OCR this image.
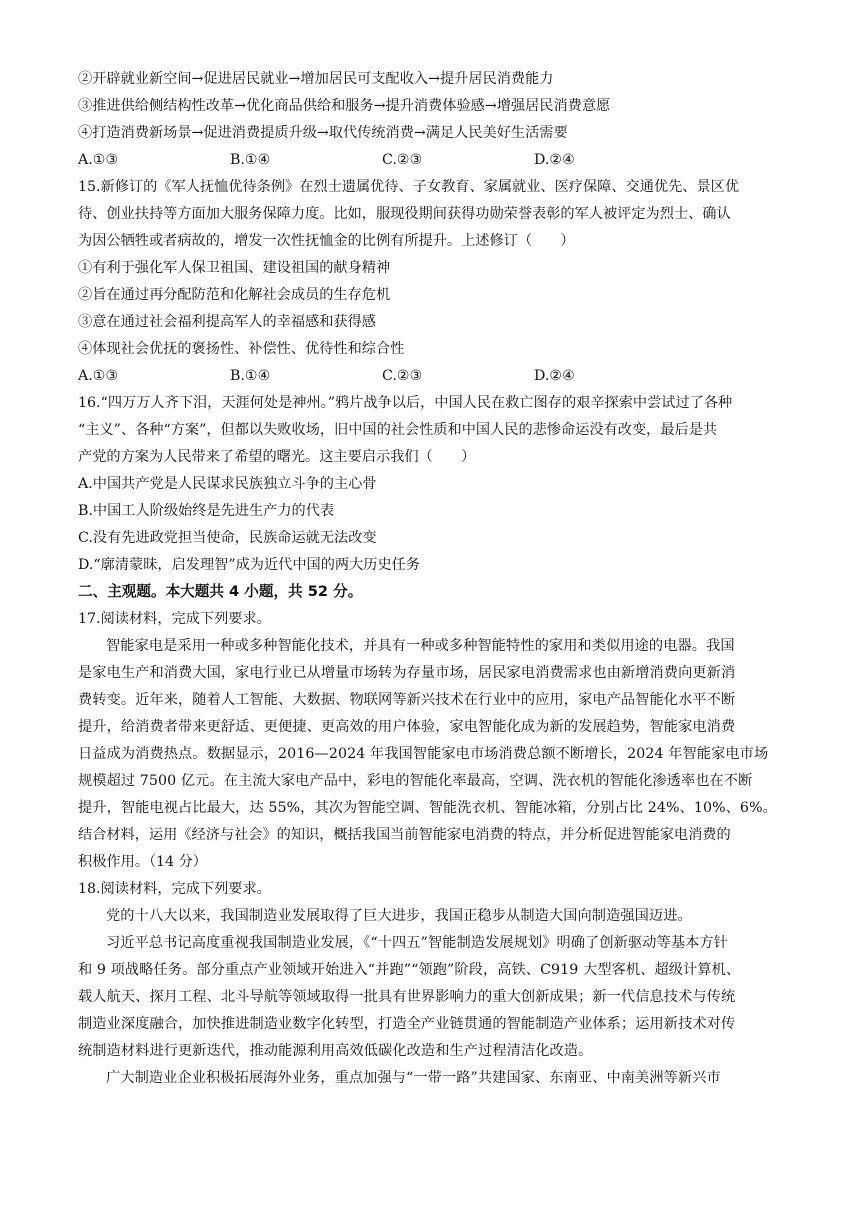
②开辟就业新空间→促进居民就业→增加居民可支配收入→提升居民消费能力
③推进供给侧结构性改革→优化商品供给和服务→提升消费体验感→增强居民消费意愿
④打造消费新场景→促进消费提质升级→取代传统消费→满足人民美好生活需要
A.①③	B.①④	C.②③	D.②④
15.新修订的《军人抚恤优待条例》在烈士遗属优待、子女教育、家属就业、医疗保障、交通优先、景区优
待、创业扶持等方面加大服务保障力度。比如，服现役期间获得功勋荣誉表彰的军人被评定为烈士、确认
为因公牺牲或者病故的，增发一次性抚恤金的比例有所提升。上述修订（　　）
①有利于强化军人保卫祖国、建设祖国的献身精神
②旨在通过再分配防范和化解社会成员的生存危机
③意在通过社会福利提高军人的幸福感和获得感
④体现社会优抚的褒扬性、补偿性、优待性和综合性
A.①③	B.①④	C.②③	D.②④
16.“四万万人齐下泪，天涯何处是神州。”鸦片战争以后，中国人民在救亡图存的艰辛探索中尝试过了各种
“主义”、各种“方案”，但都以失败收场，旧中国的社会性质和中国人民的悲惨命运没有改变，最后是共
产党的方案为人民带来了希望的曙光。这主要启示我们（　　）
A.中国共产党是人民谋求民族独立斗争的主心骨
B.中国工人阶级始终是先进生产力的代表
C.没有先进政党担当使命，民族命运就无法改变
D.“廓清蒙昧，启发理智”成为近代中国的两大历史任务
二、主观题。本大题共 4 小题，共 52 分。
17.阅读材料，完成下列要求。
智能家电是采用一种或多种智能化技术，并具有一种或多种智能特性的家用和类似用途的电器。我国
是家电生产和消费大国，家电行业已从增量市场转为存量市场，居民家电消费需求也由新增消费向更新消
费转变。近年来，随着人工智能、大数据、物联网等新兴技术在行业中的应用，家电产品智能化水平不断
提升，给消费者带来更舒适、更便捷、更高效的用户体验，家电智能化成为新的发展趋势，智能家电消费
日益成为消费热点。数据显示，2016—2024 年我国智能家电市场消费总额不断增长，2024 年智能家电市场
规模超过 7500 亿元。在主流大家电产品中，彩电的智能化率最高，空调、洗衣机的智能化渗透率也在不断
提升，智能电视占比最大，达 55%，其次为智能空调、智能洗衣机、智能冰箱，分别占比 24%、10%、6%。
结合材料，运用《经济与社会》的知识，概括我国当前智能家电消费的特点，并分析促进智能家电消费的
积极作用。（14 分）
18.阅读材料，完成下列要求。
党的十八大以来，我国制造业发展取得了巨大进步，我国正稳步从制造大国向制造强国迈进。
习近平总书记高度重视我国制造业发展，《“十四五”智能制造发展规划》明确了创新驱动等基本方针
和 9 项战略任务。部分重点产业领域开始进入“并跑”“领跑”阶段，高铁、C919 大型客机、超级计算机、
载人航天、探月工程、北斗导航等领域取得一批具有世界影响力的重大创新成果；新一代信息技术与传统
制造业深度融合，加快推进制造业数字化转型，打造全产业链贯通的智能制造产业体系；运用新技术对传
统制造材料进行更新迭代，推动能源利用高效低碳化改造和生产过程清洁化改造。
广大制造业企业积极拓展海外业务，重点加强与“一带一路”共建国家、东南亚、中南美洲等新兴市
